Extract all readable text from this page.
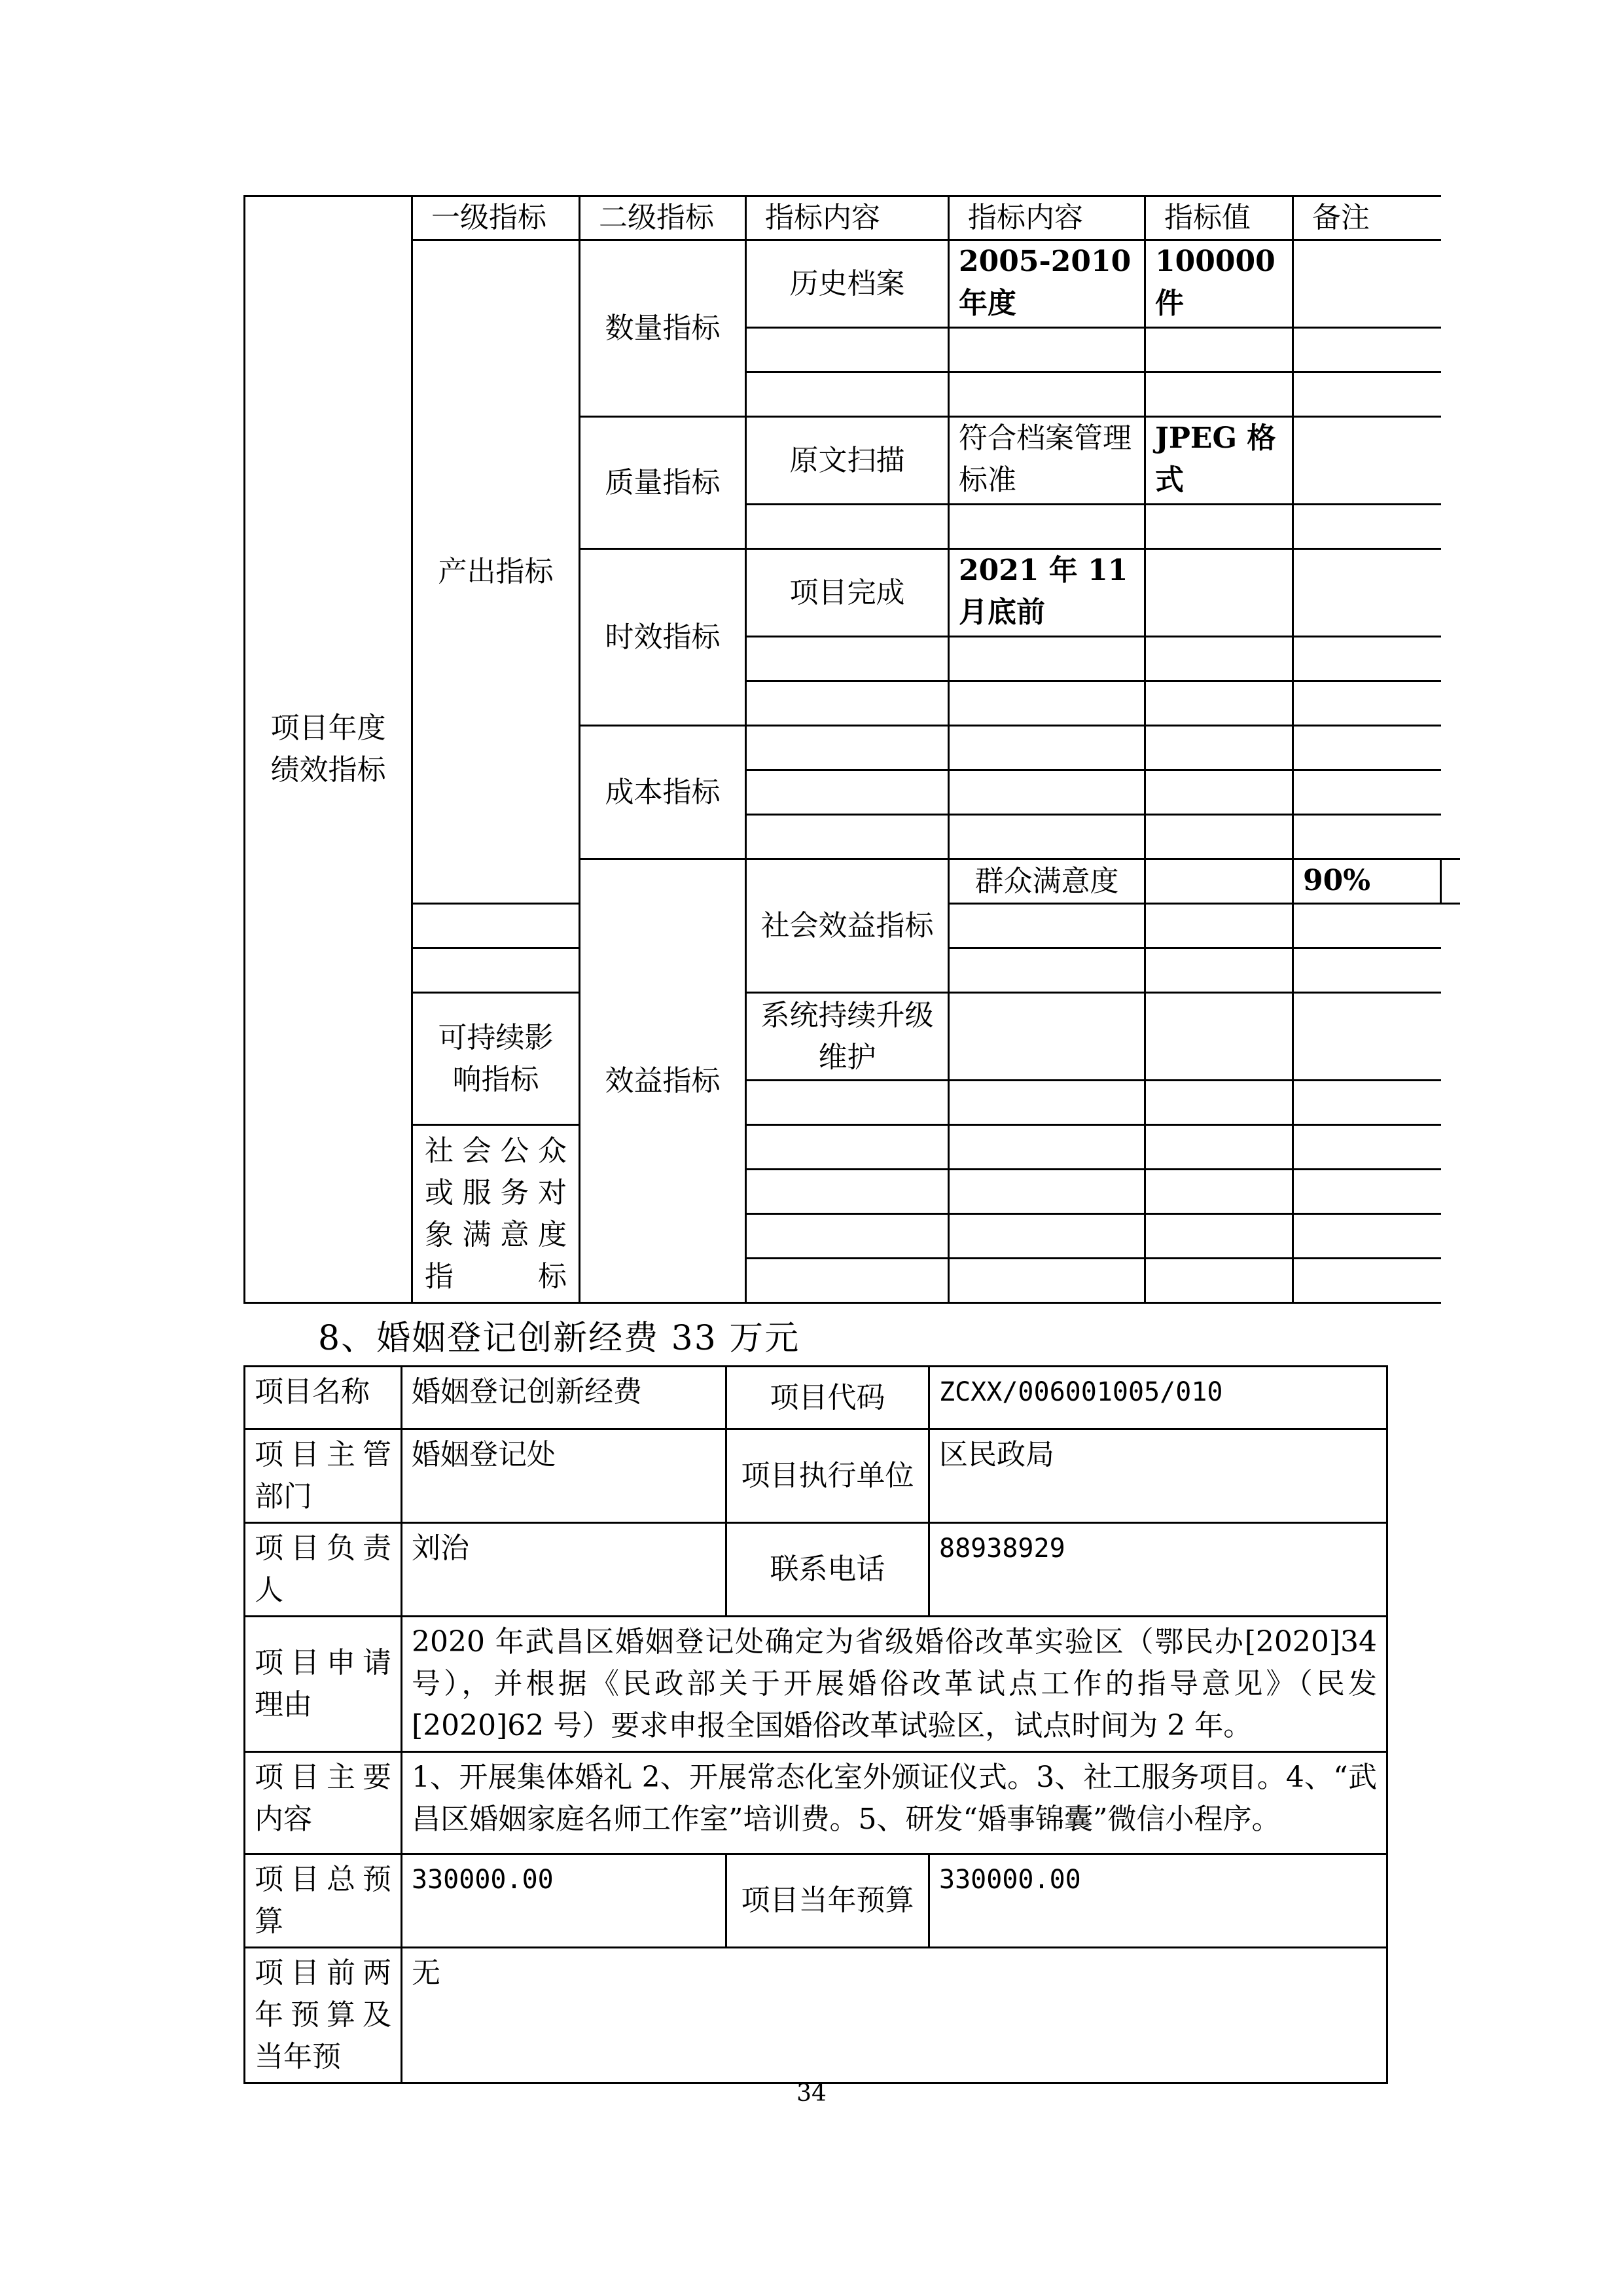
项目年度绩效指标	一级指标	二级指标	指标内容	指标内容	指标值	备注	
	产出指标	数量指标	历史档案	2005-2010 年度	100000 件		

		质量指标	原文扫描	符合档案管理标准	JPEG 格式		

		时效指标	项目完成	2021 年 11 月底前			

		成本指标					

		效益指标	社会效益指标	群众满意度		90%	

	可持续影响指标		系统持续升级维护				

	社会公众或服务对象满意度指标						

8、婚姻登记创新经费 33 万元
项目名称	婚姻登记创新经费	项目代码	ZCXX/006001005/010
项目主管部门	婚姻登记处	项目执行单位	区民政局
项目负责人	刘治	联系电话	88938929
项目申请理由	2020 年武昌区婚姻登记处确定为省级婚俗改革实验区（鄂民办[2020]34 号），并根据《民政部关于开展婚俗改革试点工作的指导意见》（民发[2020]62 号）要求申报全国婚俗改革试验区，试点时间为 2 年。		
项目主要内容	1、开展集体婚礼 2、开展常态化室外颁证仪式。3、社工服务项目。4、“武昌区婚姻家庭名师工作室”培训费。5、研发“婚事锦囊”微信小程序。		
项目总预算	330000.00	项目当年预算	330000.00
项目前两年预算及当年预	无		
34
